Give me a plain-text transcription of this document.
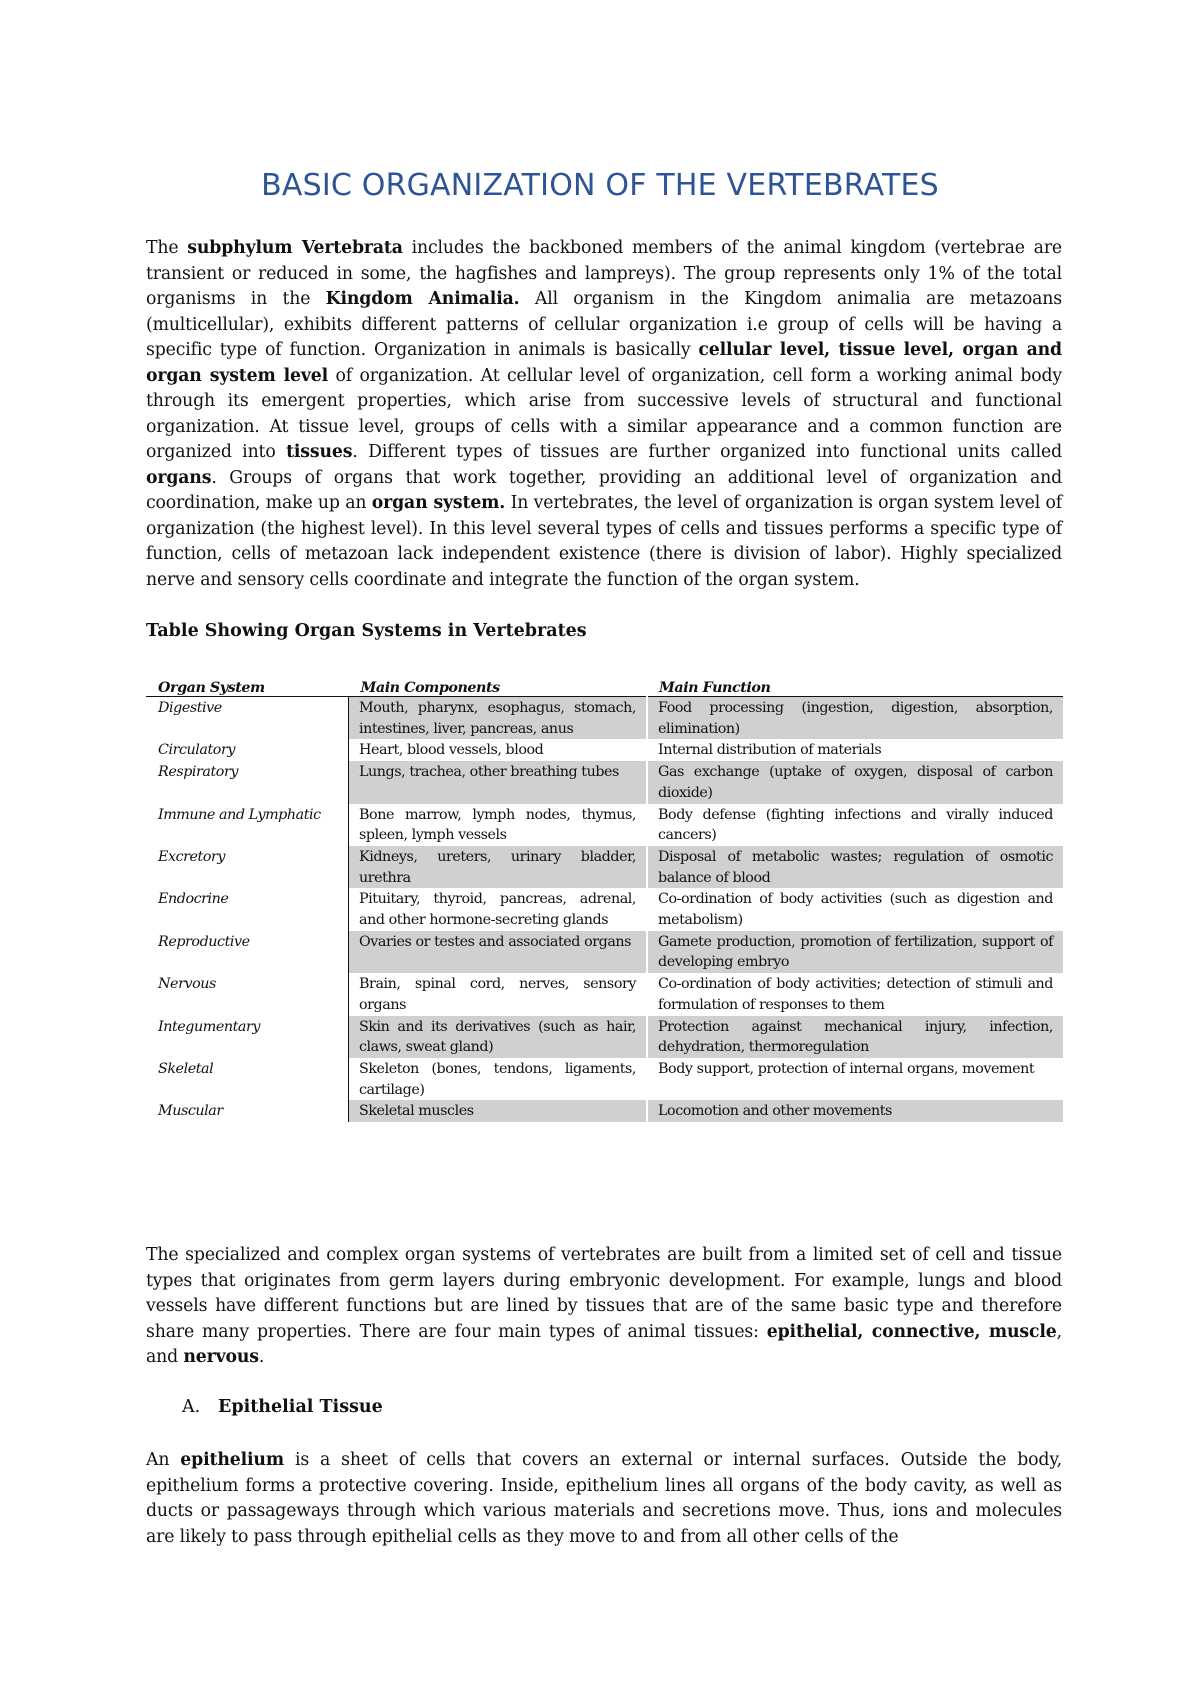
BASIC ORGANIZATION OF THE VERTEBRATES
The subphylum Vertebrata includes the backboned members of the animal kingdom (vertebrae are transient or reduced in some, the hagfishes and lampreys). The group represents only 1% of the total organisms in the Kingdom Animalia. All organism in the Kingdom animalia are metazoans (multicellular), exhibits different patterns of cellular organization i.e group of cells will be having a specific type of function. Organization in animals is basically cellular level, tissue level, organ and organ system level of organization. At cellular level of organization, cell form a working animal body through its emergent properties, which arise from successive levels of structural and functional organization. At tissue level, groups of cells with a similar appearance and a common function are organized into tissues. Different types of tissues are further organized into functional units called organs. Groups of organs that work together, providing an additional level of organization and coordination, make up an organ system. In vertebrates, the level of organization is organ system level of organization (the highest level). In this level several types of cells and tissues performs a specific type of function, cells of metazoan lack independent existence (there is division of labor). Highly specialized nerve and sensory cells coordinate and integrate the function of the organ system.
Table Showing Organ Systems in Vertebrates
Organ System	Main Components	Main Function
Digestive	Mouth, pharynx, esophagus, stomach, intestines, liver, pancreas, anus	Food processing (ingestion, digestion, absorption, elimination)
Circulatory	Heart, blood vessels, blood	Internal distribution of materials
Respiratory	Lungs, trachea, other breathing tubes	Gas exchange (uptake of oxygen, disposal of carbon dioxide)
Immune and Lymphatic	Bone marrow, lymph nodes, thymus, spleen, lymph vessels	Body defense (fighting infections and virally induced cancers)
Excretory	Kidneys, ureters, urinary bladder, urethra	Disposal of metabolic wastes; regulation of osmotic balance of blood
Endocrine	Pituitary, thyroid, pancreas, adrenal, and other hormone-secreting glands	Co-ordination of body activities (such as digestion and metabolism)
Reproductive	Ovaries or testes and associated organs	Gamete production, promotion of fertilization, support of developing embryo
Nervous	Brain, spinal cord, nerves, sensory organs	Co-ordination of body activities; detection of stimuli and formulation of responses to them
Integumentary	Skin and its derivatives (such as hair, claws, sweat gland)	Protection against mechanical injury, infection, dehydration, thermoregulation
Skeletal	Skeleton (bones, tendons, ligaments, cartilage)	Body support, protection of internal organs, movement
Muscular	Skeletal muscles	Locomotion and other movements
The specialized and complex organ systems of vertebrates are built from a limited set of cell and tissue types that originates from germ layers during embryonic development. For example, lungs and blood vessels have different functions but are lined by tissues that are of the same basic type and therefore share many properties. There are four main types of animal tissues: epithelial, connective, muscle, and nervous.
A. Epithelial Tissue
An epithelium is a sheet of cells that covers an external or internal surfaces. Outside the body, epithelium forms a protective covering. Inside, epithelium lines all organs of the body cavity, as well as ducts or passageways through which various materials and secretions move. Thus, ions and molecules are likely to pass through epithelial cells as they move to and from all other cells of the
